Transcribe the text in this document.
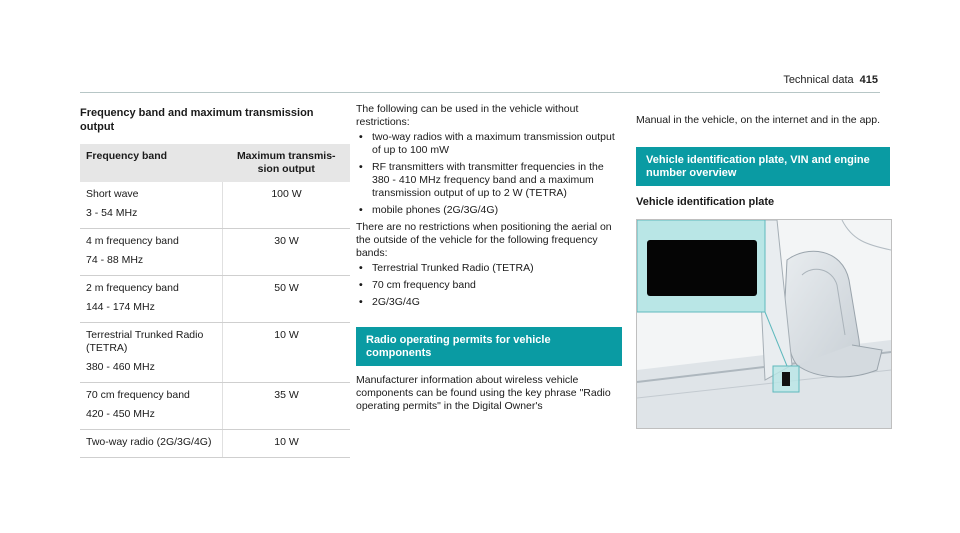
Technical data 415
Frequency band and maximum transmission output
Frequency band	Maximum transmis-sion output
Short wave
3 - 54 MHz	100 W
4 m frequency band
74 - 88 MHz	30 W
2 m frequency band
144 - 174 MHz	50 W
Terrestrial Trunked Radio (TETRA)
380 - 460 MHz	10 W
70 cm frequency band
420 - 450 MHz	35 W
Two-way radio (2G/3G/4G)	10 W

The following can be used in the vehicle without restrictions:

• two-way radios with a maximum transmission output of up to 100 mW
• RF transmitters with transmitter frequencies in the 380 - 410 MHz frequency band and a maximum transmission output of up to 2 W (TETRA)
• mobile phones (2G/3G/4G)

There are no restrictions when positioning the aerial on the outside of the vehicle for the following frequency bands:

• Terrestrial Trunked Radio (TETRA)
• 70 cm frequency band
• 2G/3G/4G
Radio operating permits for vehicle components

Manufacturer information about wireless vehicle components can be found using the key phrase "Radio operating permits" in the Digital Owner's

Manual in the vehicle, on the internet and in the app.

Vehicle identification plate, VIN and engine number overview
Vehicle identification plate
